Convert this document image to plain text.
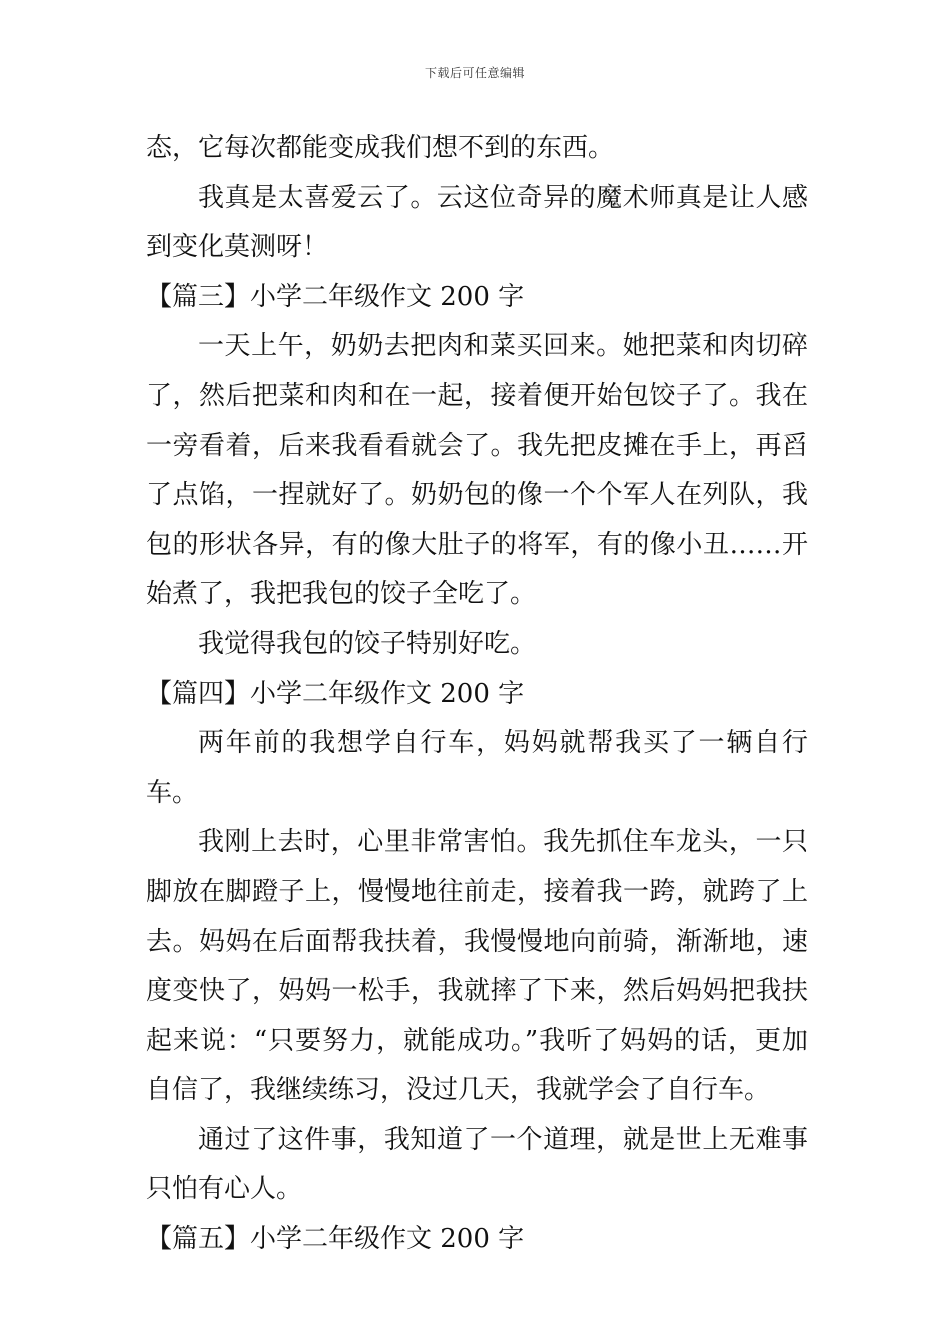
下载后可任意编辑

态，它每次都能变成我们想不到的东西。

我真是太喜爱云了。云这位奇异的魔术师真是让人感到变化莫测呀！

【篇三】小学二年级作文 200 字

一天上午，奶奶去把肉和菜买回来。她把菜和肉切碎了，然后把菜和肉和在一起，接着便开始包饺子了。我在一旁看着，后来我看看就会了。我先把皮摊在手上，再舀了点馅，一捏就好了。奶奶包的像一个个军人在列队，我包的形状各异，有的像大肚子的将军，有的像小丑……开始煮了，我把我包的饺子全吃了。

我觉得我包的饺子特别好吃。

【篇四】小学二年级作文 200 字

两年前的我想学自行车，妈妈就帮我买了一辆自行车。

我刚上去时，心里非常害怕。我先抓住车龙头，一只脚放在脚蹬子上，慢慢地往前走，接着我一跨，就跨了上去。妈妈在后面帮我扶着，我慢慢地向前骑，渐渐地，速度变快了，妈妈一松手，我就摔了下来，然后妈妈把我扶起来说：“只要努力，就能成功。”我听了妈妈的话，更加自信了，我继续练习，没过几天，我就学会了自行车。

通过了这件事，我知道了一个道理，就是世上无难事只怕有心人。

【篇五】小学二年级作文 200 字
